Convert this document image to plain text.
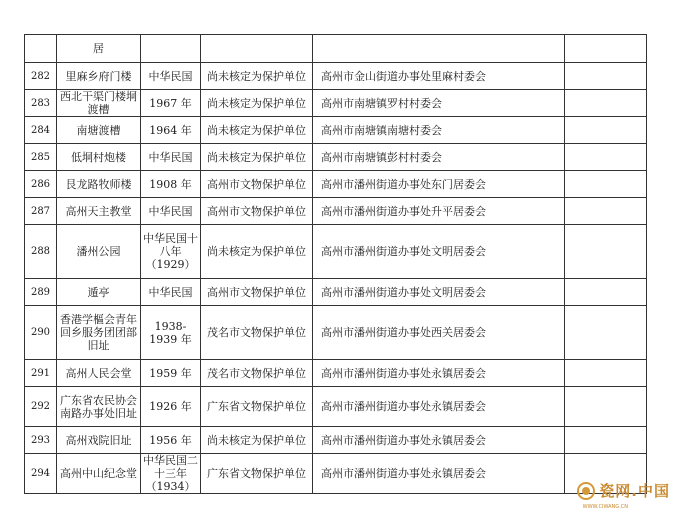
	居				
282	里麻乡府门楼	中华民国	尚未核定为保护单位	高州市金山街道办事处里麻村委会	
283	西北干渠门楼垌渡槽	1967 年	尚未核定为保护单位	高州市南塘镇罗村村委会	
284	南塘渡槽	1964 年	尚未核定为保护单位	高州市南塘镇南塘村委会	
285	低垌村炮楼	中华民国	尚未核定为保护单位	高州市南塘镇彭村村委会	
286	艮龙路牧师楼	1908 年	高州市文物保护单位	高州市潘州街道办事处东门居委会	
287	高州天主教堂	中华民国	高州市文物保护单位	高州市潘州街道办事处升平居委会	
288	潘州公园	中华民国十八年（1929）	尚未核定为保护单位	高州市潘州街道办事处文明居委会	
289	遁亭	中华民国	高州市文物保护单位	高州市潘州街道办事处文明居委会	
290	香港学樞会青年回乡服务团团部旧址	1938-1939 年	茂名市文物保护单位	高州市潘州街道办事处西关居委会	
291	高州人民会堂	1959 年	茂名市文物保护单位	高州市潘州街道办事处永镇居委会	
292	广东省农民协会南路办事处旧址	1926 年	广东省文物保护单位	高州市潘州街道办事处永镇居委会	
293	高州戏院旧址	1956 年	尚未核定为保护单位	高州市潘州街道办事处永镇居委会	
294	高州中山纪念堂	中华民国二十三年（1934）	广东省文物保护单位	高州市潘州街道办事处永镇居委会	
瓷网.中国
WWW.CIWANG.CN
